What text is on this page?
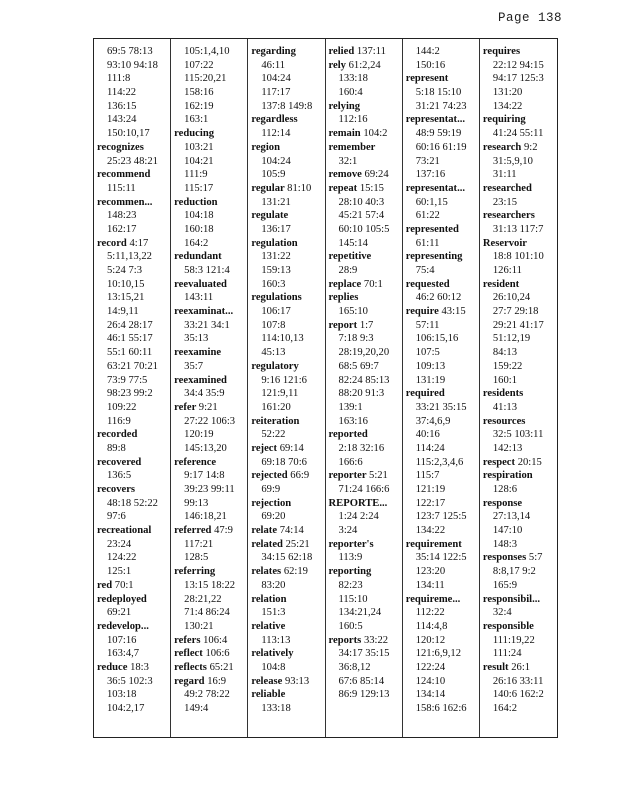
Page 138
69:5 78:13
93:10 94:18
111:8
114:22
136:15
143:24
150:10,17
recognizes
25:23 48:21
recommend
115:11
recommen...
148:23
162:17
record 4:17
5:11,13,22
5:24 7:3
10:10,15
13:15,21
14:9,11
26:4 28:17
46:1 55:17
55:1 60:11
63:21 70:21
73:9 77:5
98:23 99:2
109:22
116:9
recorded
89:8
recovered
136:5
recovers
48:18 52:22
97:6
recreational
23:24
124:22
125:1
red 70:1
redeployed
69:21
redevelop...
107:16
163:4,7
reduce 18:3
36:5 102:3
103:18
104:2,17
105:1,4,10
107:22
115:20,21
158:16
162:19
163:1
reducing
103:21
104:21
111:9
115:17
reduction
104:18
160:18
164:2
redundant
58:3 121:4
reevaluated
143:11
reexaminat...
33:21 34:1
35:13
reexamine
35:7
reexamined
34:4 35:9
refer 9:21
27:22 106:3
120:19
145:13,20
reference
9:17 14:8
39:23 99:11
99:13
146:18,21
referred 47:9
117:21
128:5
referring
13:15 18:22
28:21,22
71:4 86:24
130:21
refers 106:4
reflect 106:6
reflects 65:21
regard 16:9
49:2 78:22
149:4
regarding
46:11
104:24
117:17
137:8 149:8
regardless
112:14
region
104:24
105:9
regular 81:10
131:21
regulate
136:17
regulation
131:22
159:13
160:3
regulations
106:17
107:8
114:10,13
45:13
regulatory
9:16 121:6
121:9,11
161:20
reiteration
52:22
reject 69:14
69:18 70:6
rejected 66:9
69:9
rejection
69:20
relate 74:14
related 25:21
34:15 62:18
relates 62:19
83:20
relation
151:3
relative
113:13
relatively
104:8
release 93:13
reliable
133:18
relied 137:11
rely 61:2,24
133:18
160:4
relying
112:16
remain 104:2
remember
32:1
remove 69:24
repeat 15:15
28:10 40:3
45:21 57:4
60:10 105:5
145:14
repetitive
28:9
replace 70:1
replies
165:10
report 1:7
7:18 9:3
28:19,20,20
68:5 69:7
82:24 85:13
88:20 91:3
139:1
163:16
reported
2:18 32:16
166:6
reporter 5:21
71:24 166:6
REPORTE...
1:24 2:24
3:24
reporter's
113:9
reporting
82:23
115:10
134:21,24
160:5
reports 33:22
34:17 35:15
36:8,12
67:6 85:14
86:9 129:13
144:2
150:16
represent
5:18 15:10
31:21 74:23
representat...
48:9 59:19
60:16 61:19
73:21
137:16
representat...
60:1,15
61:22
represented
61:11
representing
75:4
requested
46:2 60:12
require 43:15
57:11
106:15,16
107:5
109:13
131:19
required
33:21 35:15
37:4,6,9
40:16
114:24
115:2,3,4,6
115:7
121:19
122:17
123:7 125:5
134:22
requirement
35:14 122:5
123:20
134:11
requireme...
112:22
114:4,8
120:12
121:6,9,12
122:24
124:10
134:14
158:6 162:6
requires
22:12 94:15
94:17 125:3
131:20
134:22
requiring
41:24 55:11
research 9:2
31:5,9,10
31:11
researched
23:15
researchers
31:13 117:7
Reservoir
18:8 101:10
126:11
resident
26:10,24
27:7 29:18
29:21 41:17
51:12,19
84:13
159:22
160:1
residents
41:13
resources
32:5 103:11
142:13
respect 20:15
respiration
128:6
response
27:13,14
147:10
148:3
responses 5:7
8:8,17 9:2
165:9
responsibil...
32:4
responsible
111:19,22
111:24
result 26:1
26:16 33:11
140:6 162:2
164:2
